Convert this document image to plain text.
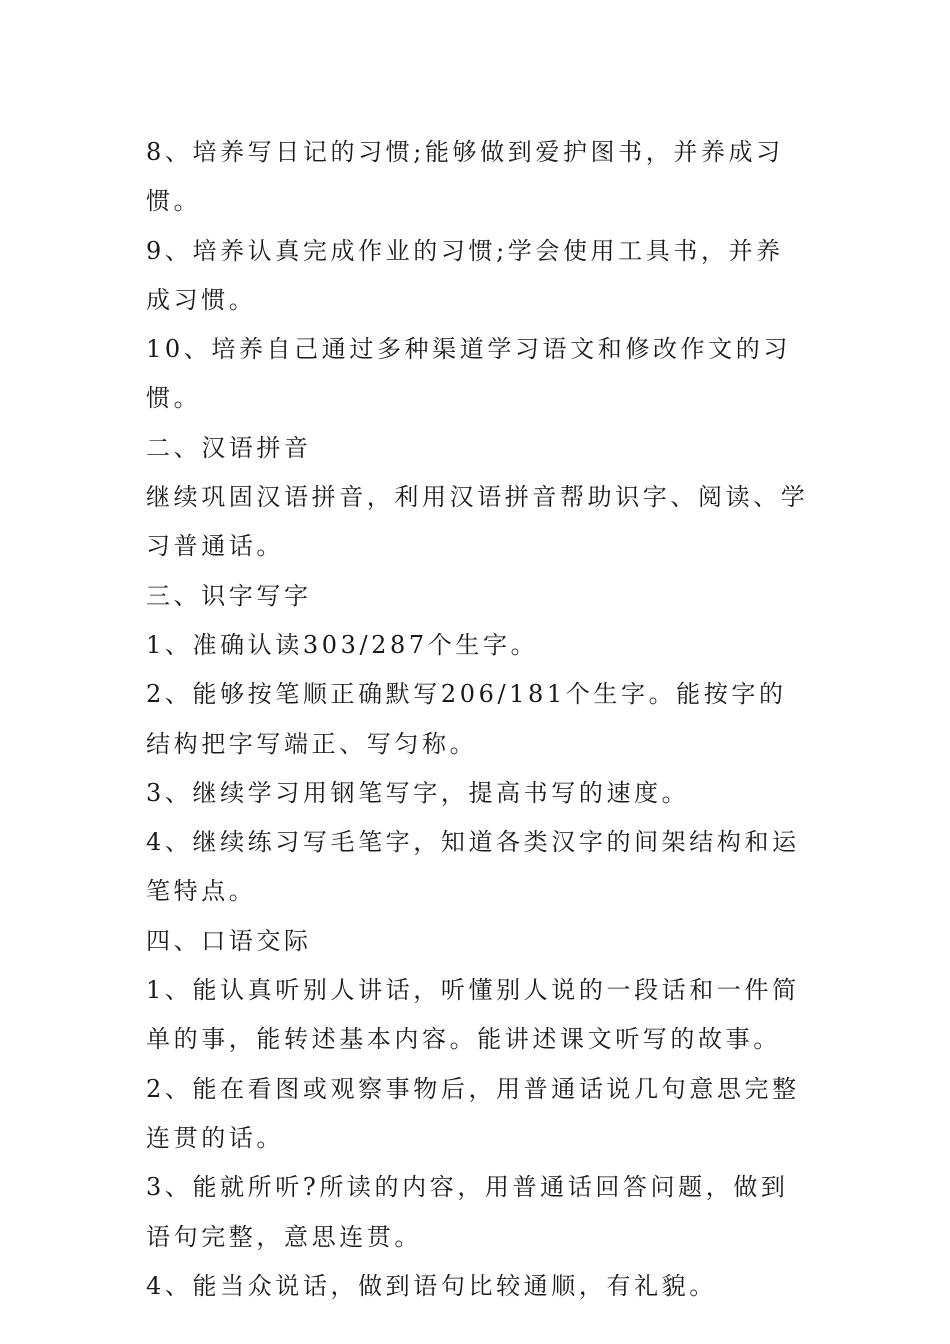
8、培养写日记的习惯;能够做到爱护图书，并养成习惯。

9、培养认真完成作业的习惯;学会使用工具书，并养成习惯。

10、培养自己通过多种渠道学习语文和修改作文的习惯。

二、汉语拼音

继续巩固汉语拼音，利用汉语拼音帮助识字、阅读、学习普通话。

三、识字写字

1、准确认读303/287个生字。

2、能够按笔顺正确默写206/181个生字。能按字的结构把字写端正、写匀称。

3、继续学习用钢笔写字，提高书写的速度。

4、继续练习写毛笔字，知道各类汉字的间架结构和运笔特点。

四、口语交际

1、能认真听别人讲话，听懂别人说的一段话和一件简单的事，能转述基本内容。能讲述课文听写的故事。

2、能在看图或观察事物后，用普通话说几句意思完整连贯的话。

3、能就所听?所读的内容，用普通话回答问题，做到语句完整，意思连贯。

4、能当众说话，做到语句比较通顺，有礼貌。
